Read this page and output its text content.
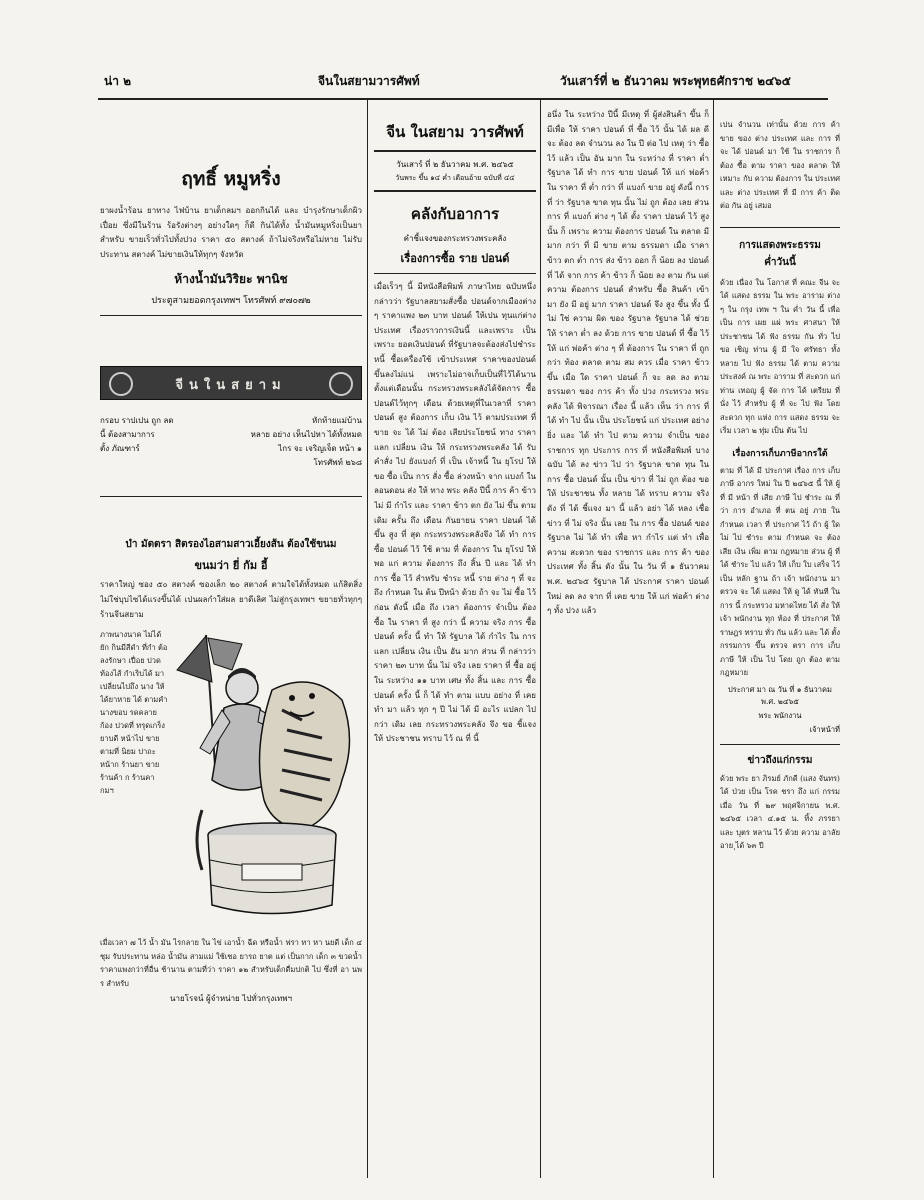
น่า ๒	จีนในสยามวารศัพท์	วันเสาร์ที่ ๒ ธันวาคม พระพุทธศักราช ๒๔๖๕
ฤทธิ์ หมูหริ่ง
ยาผงน้ำร้อน ยาทาง ไฟบ้าน ยาเด็กลมฯ ออกกินได้ และ บำรุงรักษาเด็กผิวเปื่อย ซึ่งมีในร้าน ร้อรังต่างๆ อย่างใดๆ ก็ดี กินได้ทั้ง น้ำมันหมูหริ่งเป็นยาสำหรับ ขายเร็วทั่วไปทั้งปวง ราคา ๕๐ สตางค์ ถ้าไม่จริงหรือไม่หาย ไม่รับประทาน สตางค์ ไม่ขายเงินให้ทุกๆ จังหวัด
ห้างน้ำมันวิริยะ พานิช
ประตูสามยอดกรุงเทพฯ โทรศัพท์ ๙๗๐๗๒
จีนในสยาม
กรอบ ราปเปน ถูก ลด	หักท้ายแม่บ้าน
นี้ ต้องสามาการ	หลาย อย่าง เห็นไปหา ได้ทั้งหมด
ตั้ง ภัณฑาร์	ไกร จะ เจริญเจ็ด หน้า ๑
โทรศัพท์ ๒๖๘
บำ มัตตรา สิตรองไอสามสาวเอี้ยงส้น ต้องใช้ขนม
ขนมว่า ยี่ กัม อี้
ราคาใหญ่ ซอง ๕๐ สตางค์ ซองเล็ก ๒๐ สตางค์ ตามใจได้ทั้งหมด แก้สิตสิ่ง ไม่ใช่บุบไซได้แรงขึ้นได้ เปนผลกำใส่ผล ยาดีเลิศ ไม่สู่กรุงเทพฯ ขยายทั่วทุกๆ ร้านจีนสยาม
ภาพนางนาค ไม่ได้ยัก กินมีสีดำ ที่กำ ต้อลงรักษา เปื่อย ปวด ท้องไส้ กำเริบได้ มาเปลี่ยนไปถึง นาง ให้ได้ยาหาย ได้ ตามคำ นางขอบ รดคลาย ก้อง ปวดที่ ทรุดเกร็ง ยาบดี หน้าไป ขายตามที่ นิยม ปาถะ หน้าก ร้านยา ขายร้านค้า ก ร้านคากมฯ
เมื่อเวลา ๗ ไว้ น้ำ มัน ไรกลาย ใน ไข่ เอาน้ำ ฉีด หรือน้ำ ฟรา ทา หา นยดี เด็ก ๔ ชุม รับประทาน หล่อ น้ำมัน สามแม่ ใช้เชอ ยารถ ยาต แต่ เป็นกาก เด็ก ๓ ขวดน้ำราคาแพงกว่าที่อื่น ช้านาน ตามที่ว่า ราคา ๑๒ สำหรับเด็กดื่มปกติ ไป ซึ่งที่ อา นพ ร สำหรับ
นายโรจน์ ผู้จำหน่าย ไปทั่วกรุงเทพฯ
จีน ในสยาม วารศัพท์
วันเสาร์ ที่ ๒ ธันวาคม พ.ศ. ๒๔๖๕
วันพระ ขึ้น ๑๔ ค่ำ เดือนอ้าย ฉบับที่ ๔๔
คลังกับอาการ
คำชี้แจงของกระทรวงพระคลัง
เรื่องการซื้อ ราย ปอนด์
เมื่อเร็วๆ นี้ มีหนังสือพิมพ์ ภาษาไทย ฉบับหนึ่ง กล่าวว่า รัฐบาลสยามสั่งซื้อ ปอนด์จากเมืองต่าง ๆ ราคาแพง ๒๓ บาท ปอนด์ ให้เปน ทุนแก่ต่างประเทศ เรื่องราวการเงินนี้ และเพราะ เป็น เพราะ ยอดเงินปอนด์ ที่รัฐบาลจะต้องส่งไปชำระหนี้ ซื้อเครื่องใช้ เข้าประเทศ ราคาของปอนด์ขึ้นลงไม่แน่ เพราะไม่อาจเก็บเป็นที่ไว้ได้นาน ตั้งแต่เดือนนั้น กระทรวงพระคลังได้จัดการ ซื้อปอนด์ไว้ทุกๆ เดือน ด้วยเหตุที่ในเวลาที่ ราคาปอนด์ สูง ต้องการ เก็บ เงิน ไว้ ตามประเทศ ที่ ขาย จะ ได้ ไม่ ต้อง เสียประโยชน์ ทาง ราคาแลก เปลี่ยน เงิน ให้ กระทรวงพระคลัง ได้ รับ คำสั่ง ไป ยังแบงก์ ที่ เป็น เจ้าหนี้ ใน ยุโรป ให้ ขอ ซื้อ เป็น การ สั่ง ซื้อ ล่วงหน้า จาก แบงก์ ใน ลอนดอน ส่ง ให้ ทาง พระ คลัง ปีนี้ การ ค้า ข้าว ไม่ มี กำไร และ ราคา ข้าว ตก ยัง ไม่ ขึ้น ตาม เดิม ครั้น ถึง เดือน กันยายน ราคา ปอนด์ ได้ ขึ้น สูง ที่ สุด กระทรวงพระคลังจึง ได้ ทำ การ ซื้อ ปอนด์ ไว้ ใช้ ตาม ที่ ต้องการ ใน ยุโรป ให้ พอ แก่ ความ ต้องการ ถึง สิ้น ปี และ ได้ ทำ การ ซื้อ ไว้ สำหรับ ชำระ หนี้ ราย ต่าง ๆ ที่ จะ ถึง กำหนด ใน ต้น ปีหน้า ด้วย ถ้า จะ ไม่ ซื้อ ไว้ ก่อน ดังนี้ เมื่อ ถึง เวลา ต้องการ จำเป็น ต้อง ซื้อ ใน ราคา ที่ สูง กว่า นี้ ความ จริง การ ซื้อ ปอนด์ ครั้ง นี้ ทำ ให้ รัฐบาล ได้ กำไร ใน การ แลก เปลี่ยน เงิน เป็น อัน มาก ส่วน ที่ กล่าวว่า ราคา ๒๓ บาท นั้น ไม่ จริง เลย ราคา ที่ ซื้อ อยู่ ใน ระหว่าง ๑๑ บาท เศษ ทั้ง สิ้น และ การ ซื้อ ปอนด์ ครั้ง นี้ ก็ ได้ ทำ ตาม แบบ อย่าง ที่ เคย ทำ มา แล้ว ทุก ๆ ปี ไม่ ได้ มี อะไร แปลก ไป กว่า เดิม เลย กระทรวงพระคลัง จึง ขอ ชี้แจง ให้ ประชาชน ทราบ ไว้ ณ ที่ นี้
อนึ่ง ใน ระหว่าง ปีนี้ มีเหตุ ที่ ผู้ส่งสินค้า ขึ้น ก็ มีเพื่อ ให้ ราคา ปอนด์ ที่ ซื้อ ไว้ นั้น ได้ ผล ดี จะ ต้อง ลด จำนวน ลง ใน ปี ต่อ ไป เหตุ ว่า ซื้อ ไว้ แล้ว เป็น อัน มาก ใน ระหว่าง ที่ ราคา ต่ำ รัฐบาล ได้ ทำ การ ขาย ปอนด์ ให้ แก่ พ่อค้า ใน ราคา ที่ ต่ำ กว่า ที่ แบงก์ ขาย อยู่ ดังนี้ การ ที่ ว่า รัฐบาล ขาด ทุน นั้น ไม่ ถูก ต้อง เลย ส่วน การ ที่ แบงก์ ต่าง ๆ ได้ ตั้ง ราคา ปอนด์ ไว้ สูง นั้น ก็ เพราะ ความ ต้องการ ปอนด์ ใน ตลาด มี มาก กว่า ที่ มี ขาย ตาม ธรรมดา เมื่อ ราคา ข้าว ตก ต่ำ การ ส่ง ข้าว ออก ก็ น้อย ลง ปอนด์ ที่ ได้ จาก การ ค้า ข้าว ก็ น้อย ลง ตาม กัน แต่ ความ ต้องการ ปอนด์ สำหรับ ซื้อ สินค้า เข้า มา ยัง มี อยู่ มาก ราคา ปอนด์ จึง สูง ขึ้น ทั้ง นี้ ไม่ ใช่ ความ ผิด ของ รัฐบาล รัฐบาล ได้ ช่วย ให้ ราคา ต่ำ ลง ด้วย การ ขาย ปอนด์ ที่ ซื้อ ไว้ ให้ แก่ พ่อค้า ต่าง ๆ ที่ ต้องการ ใน ราคา ที่ ถูก กว่า ท้อง ตลาด ตาม สม ควร เมื่อ ราคา ข้าว ขึ้น เมื่อ ใด ราคา ปอนด์ ก็ จะ ลด ลง ตาม ธรรมดา ของ การ ค้า ทั้ง ปวง กระทรวง พระ คลัง ได้ พิจารณา เรื่อง นี้ แล้ว เห็น ว่า การ ที่ ได้ ทำ ไป นั้น เป็น ประโยชน์ แก่ ประเทศ อย่าง ยิ่ง และ ได้ ทำ ไป ตาม ความ จำเป็น ของ ราชการ ทุก ประการ การ ที่ หนังสือพิมพ์ บาง ฉบับ ได้ ลง ข่าว ไป ว่า รัฐบาล ขาด ทุน ใน การ ซื้อ ปอนด์ นั้น เป็น ข่าว ที่ ไม่ ถูก ต้อง ขอ ให้ ประชาชน ทั้ง หลาย ได้ ทราบ ความ จริง ดัง ที่ ได้ ชี้แจง มา นี้ แล้ว อย่า ได้ หลง เชื่อ ข่าว ที่ ไม่ จริง นั้น เลย ใน การ ซื้อ ปอนด์ ของ รัฐบาล ไม่ ได้ ทำ เพื่อ หา กำไร แต่ ทำ เพื่อ ความ สะดวก ของ ราชการ และ การ ค้า ของ ประเทศ ทั้ง สิ้น ดัง นั้น ใน วัน ที่ ๑ ธันวาคม พ.ศ. ๒๔๖๕ รัฐบาล ได้ ประกาศ ราคา ปอนด์ ใหม่ ลด ลง จาก ที่ เคย ขาย ให้ แก่ พ่อค้า ต่าง ๆ ทั้ง ปวง แล้ว
เปน จำนวน เท่านั้น ด้วย การ ค้า ขาย ของ ต่าง ประเทศ และ การ ที่ จะ ได้ ปอนด์ มา ใช้ ใน ราชการ ก็ ต้อง ซื้อ ตาม ราคา ของ ตลาด ให้ เหมาะ กับ ความ ต้องการ ใน ประเทศ และ ต่าง ประเทศ ที่ มี การ ค้า ติด ต่อ กัน อยู่ เสมอ
การแสดงพระธรรม
ค่ำวันนี้
ด้วย เนื่อง ใน โอกาส ที่ คณะ จีน จะ ได้ แสดง ธรรม ใน พระ อาราม ต่าง ๆ ใน กรุง เทพ ฯ ใน ค่ำ วัน นี้ เพื่อ เป็น การ เผย แผ่ พระ ศาสนา ให้ ประชาชน ได้ ฟัง ธรรม กัน ทั่ว ไป ขอ เชิญ ท่าน ผู้ มี ใจ ศรัทธา ทั้ง หลาย ไป ฟัง ธรรม ได้ ตาม ความ ประสงค์ ณ พระ อาราม ที่ สะดวก แก่ ท่าน เทอญ ผู้ จัด การ ได้ เตรียม ที่ นั่ง ไว้ สำหรับ ผู้ ที่ จะ ไป ฟัง โดย สะดวก ทุก แห่ง การ แสดง ธรรม จะ เริ่ม เวลา ๒ ทุ่ม เป็น ต้น ไป
เรื่องการเก็บภาษีอากรใต้
ตาม ที่ ได้ มี ประกาศ เรื่อง การ เก็บ ภาษี อากร ใหม่ ใน ปี ๒๔๖๕ นี้ ให้ ผู้ ที่ มี หน้า ที่ เสีย ภาษี ไป ชำระ ณ ที่ ว่า การ อำเภอ ที่ ตน อยู่ ภาย ใน กำหนด เวลา ที่ ประกาศ ไว้ ถ้า ผู้ ใด ไม่ ไป ชำระ ตาม กำหนด จะ ต้อง เสีย เงิน เพิ่ม ตาม กฎหมาย ส่วน ผู้ ที่ ได้ ชำระ ไป แล้ว ให้ เก็บ ใบ เสร็จ ไว้ เป็น หลัก ฐาน ถ้า เจ้า พนักงาน มา ตรวจ จะ ได้ แสดง ให้ ดู ได้ ทันที ใน การ นี้ กระทรวง มหาดไทย ได้ สั่ง ให้ เจ้า พนักงาน ทุก ท้อง ที่ ประกาศ ให้ ราษฎร ทราบ ทั่ว กัน แล้ว และ ได้ ตั้ง กรรมการ ขึ้น ตรวจ ตรา การ เก็บ ภาษี ให้ เป็น ไป โดย ถูก ต้อง ตาม กฎหมาย
ประกาศ มา ณ วัน ที่ ๑ ธันวาคม พ.ศ. ๒๔๖๕
พระ พนักงาน
เจ้าหน้าที่
ข่าวถึงแก่กรรม
ด้วย พระ ยา ภิรมย์ ภักดี (แสง จันทร) ได้ ป่วย เป็น โรค ชรา ถึง แก่ กรรม เมื่อ วัน ที่ ๒๙ พฤศจิกายน พ.ศ. ๒๔๖๕ เวลา ๔.๑๕ น. ทิ้ง ภรรยา และ บุตร หลาน ไว้ ด้วย ความ อาลัย อาย ุได้ ๖๓ ปี
